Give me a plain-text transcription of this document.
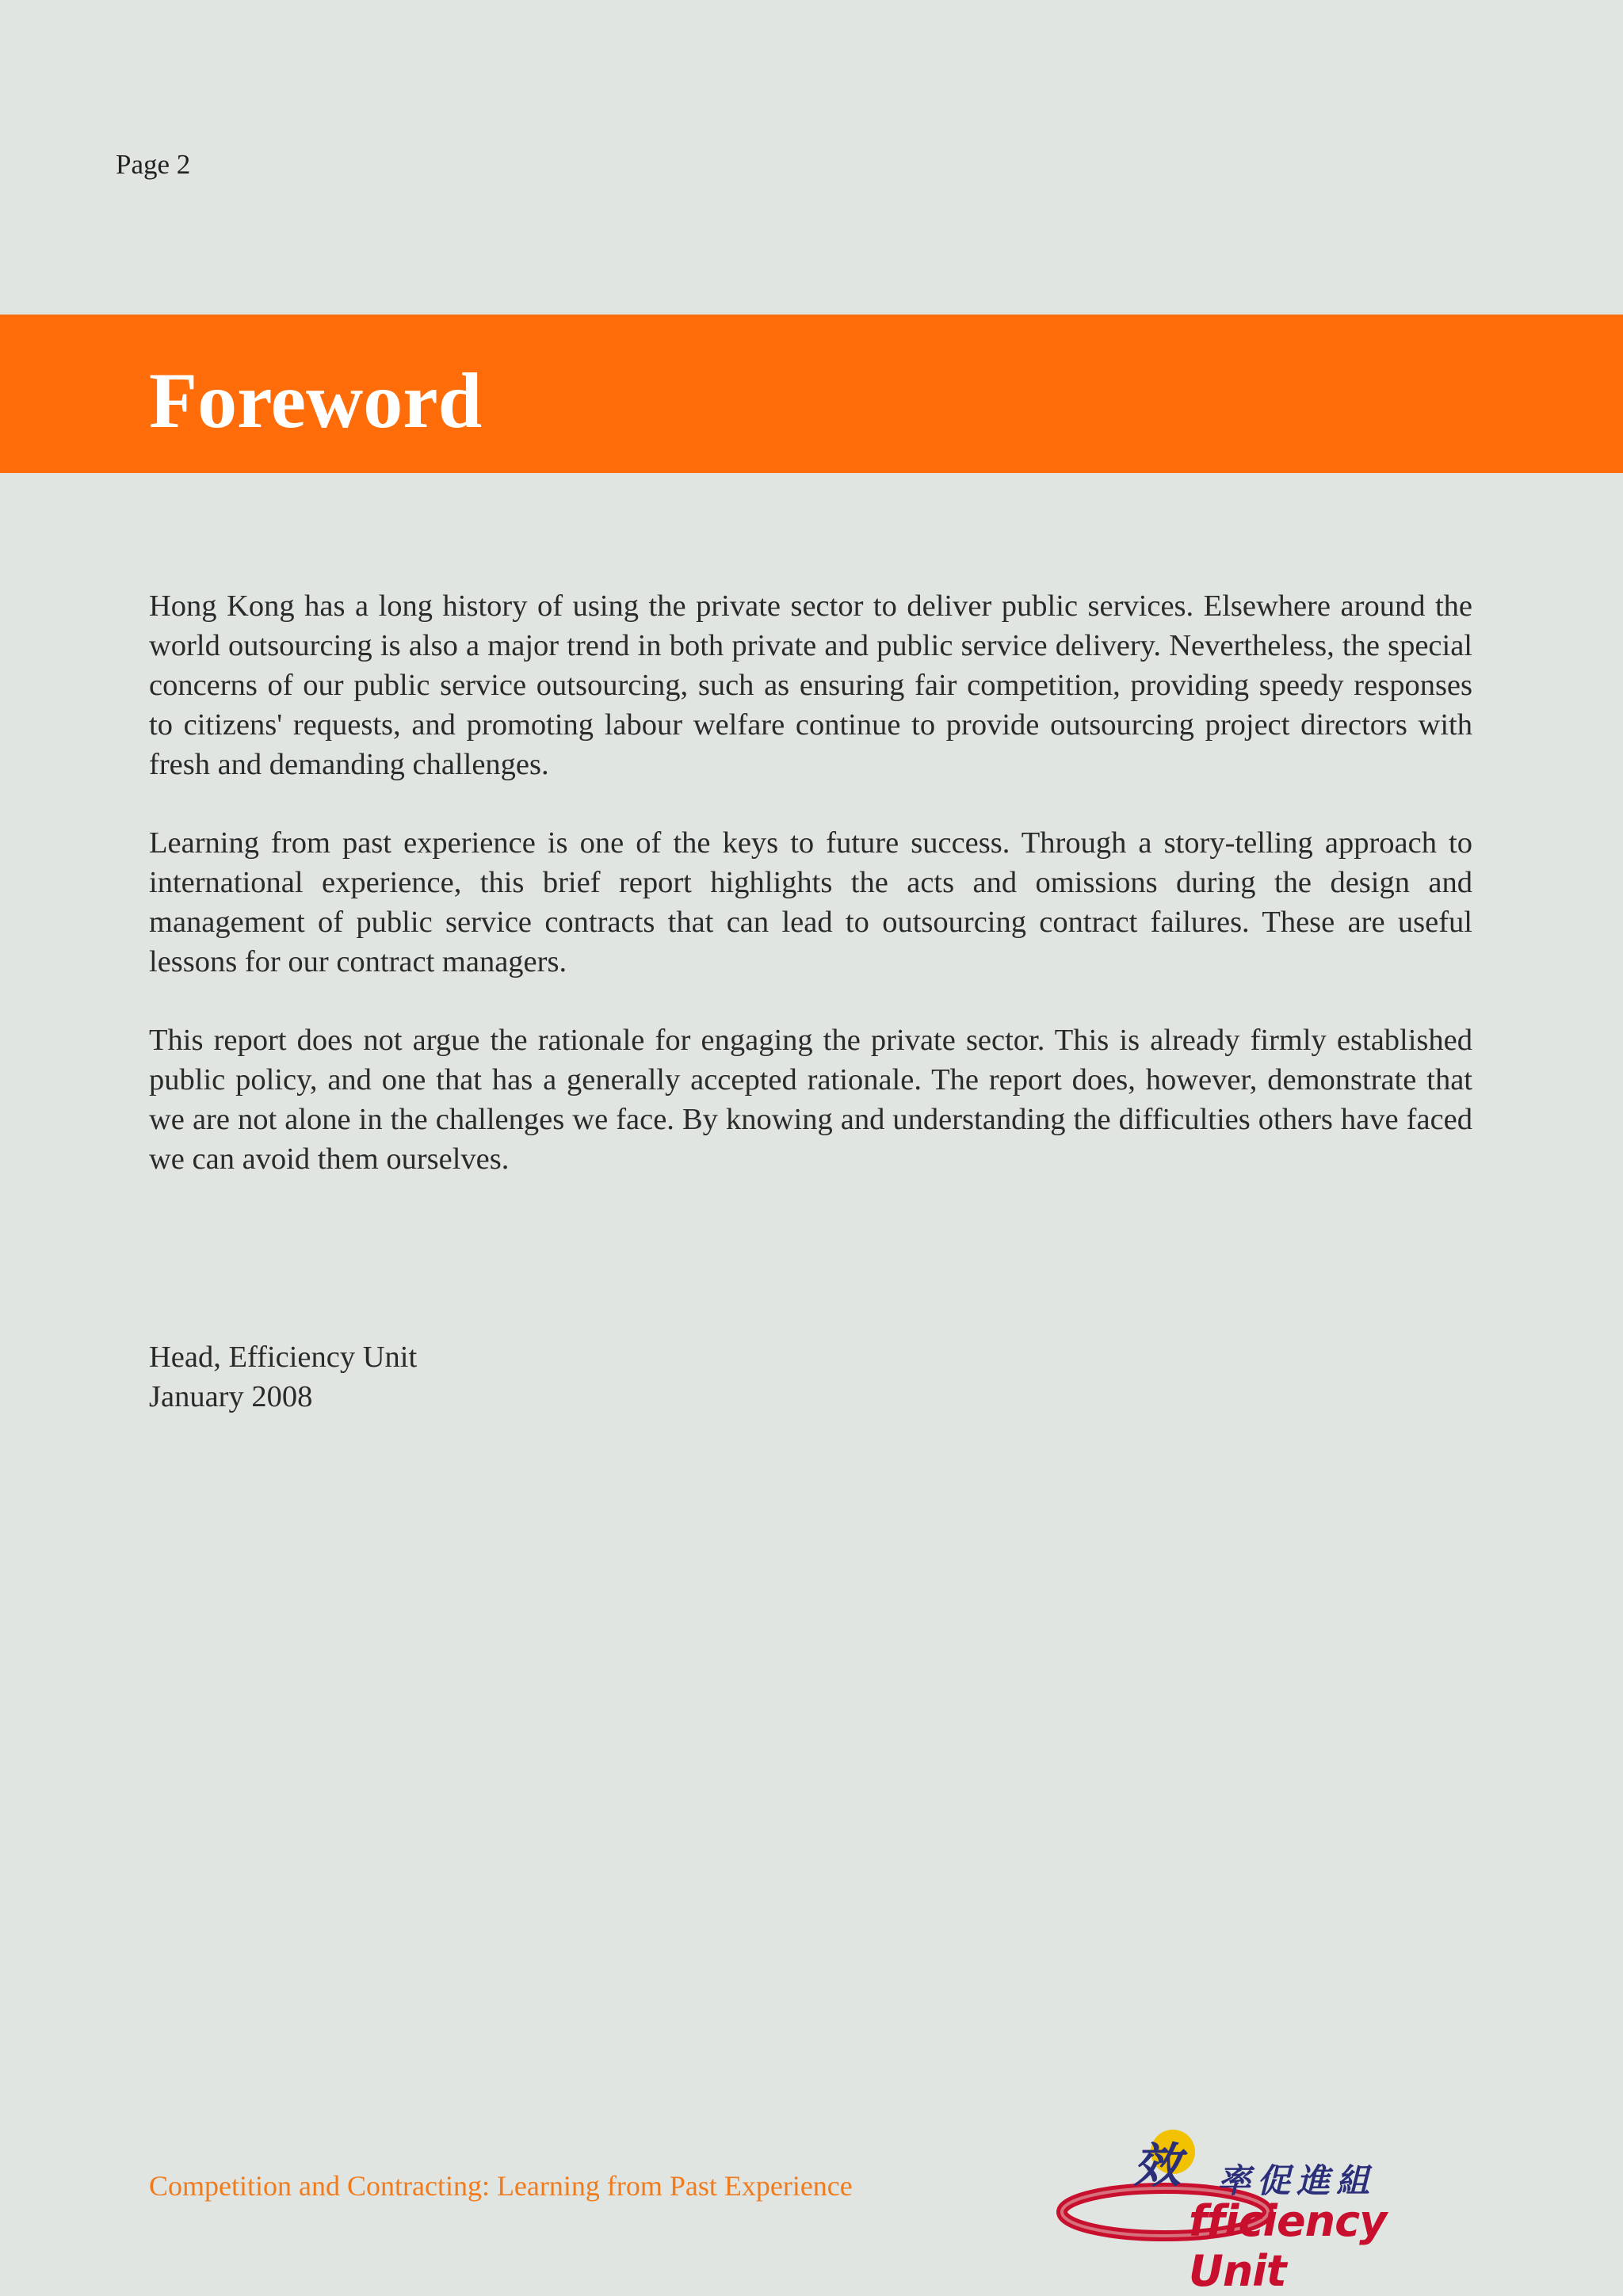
Page 2
Foreword

Hong Kong has a long history of using the private sector to deliver public services. Elsewhere around the world outsourcing is also a major trend in both private and public service delivery. Nevertheless, the special concerns of our public service outsourcing, such as ensuring fair competition, providing speedy responses to citizens' requests, and promoting labour welfare continue to provide outsourcing project directors with fresh and demanding challenges.

Learning from past experience is one of the keys to future success. Through a story-telling approach to international experience, this brief report highlights the acts and omissions during the design and management of public service contracts that can lead to outsourcing contract failures. These are useful lessons for our contract managers.

This report does not argue the rationale for engaging the private sector. This is already firmly established public policy, and one that has a generally accepted rationale. The report does, however, demonstrate that we are not alone in the challenges we face. By knowing and understanding the difficulties others have faced we can avoid them ourselves.

Head, Efficiency Unit
January 2008
Competition and Contracting: Learning from Past Experience	效 率促進組
fficiency Unit
